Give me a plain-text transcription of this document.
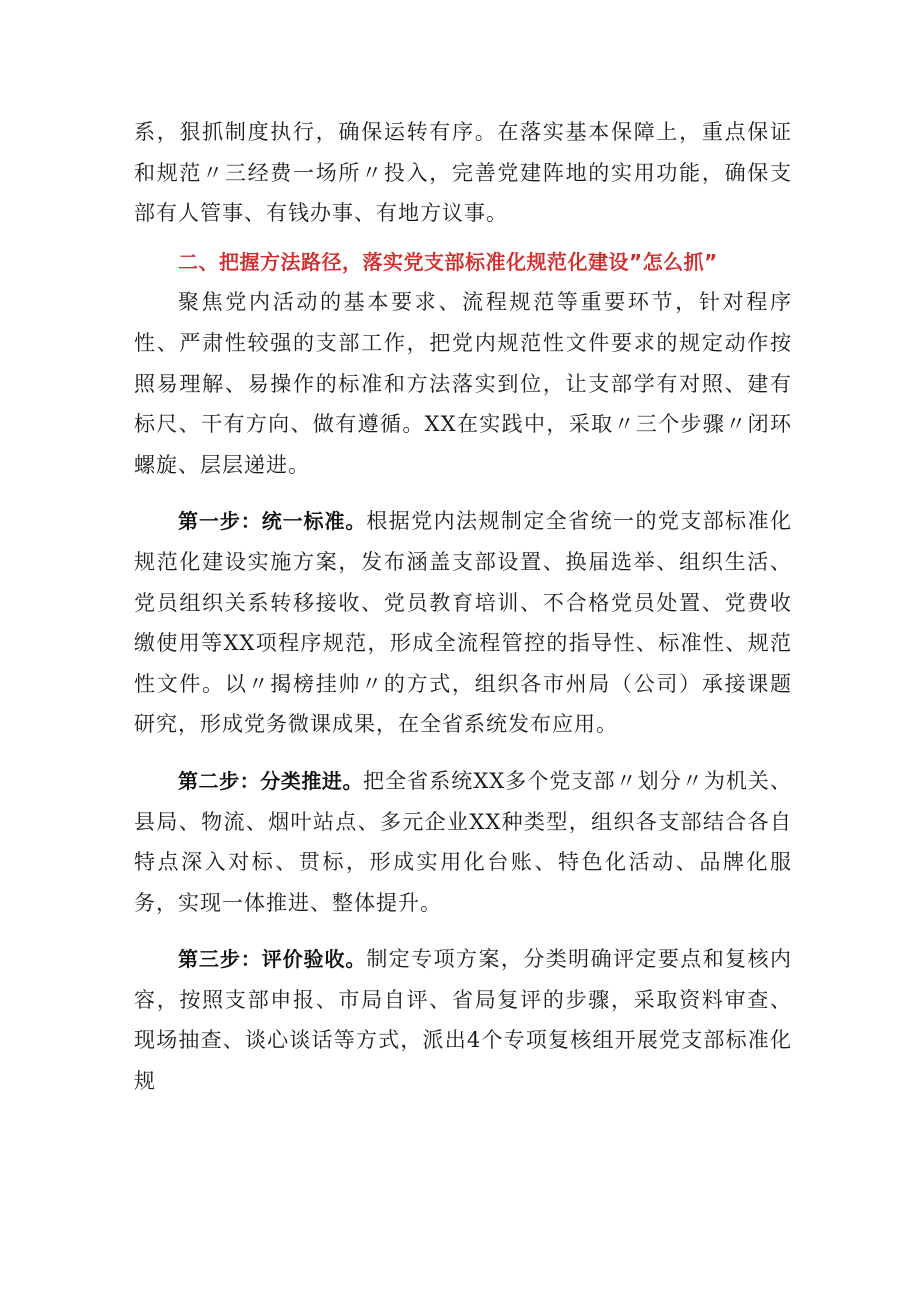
系，狠抓制度执行，确保运转有序。在落实基本保障上，重点保证和规范〃三经费一场所〃投入，完善党建阵地的实用功能，确保支部有人管事、有钱办事、有地方议事。

二、把握方法路径，落实党支部标准化规范化建设”怎么抓”

聚焦党内活动的基本要求、流程规范等重要环节，针对程序性、严肃性较强的支部工作，把党内规范性文件要求的规定动作按照易理解、易操作的标准和方法落实到位，让支部学有对照、建有标尺、干有方向、做有遵循。XX在实践中，采取〃三个步骤〃闭环螺旋、层层递进。

第一步：统一标准。根据党内法规制定全省统一的党支部标准化规范化建设实施方案，发布涵盖支部设置、换届选举、组织生活、党员组织关系转移接收、党员教育培训、不合格党员处置、党费收缴使用等XX项程序规范，形成全流程管控的指导性、标准性、规范性文件。以〃揭榜挂帅〃的方式，组织各市州局（公司）承接课题研究，形成党务微课成果，在全省系统发布应用。

第二步：分类推进。把全省系统XX多个党支部〃划分〃为机关、县局、物流、烟叶站点、多元企业XX种类型，组织各支部结合各自特点深入对标、贯标，形成实用化台账、特色化活动、品牌化服务，实现一体推进、整体提升。

第三步：评价验收。制定专项方案，分类明确评定要点和复核内容，按照支部申报、市局自评、省局复评的步骤，采取资料审查、现场抽查、谈心谈话等方式，派出4个专项复核组开展党支部标准化规
